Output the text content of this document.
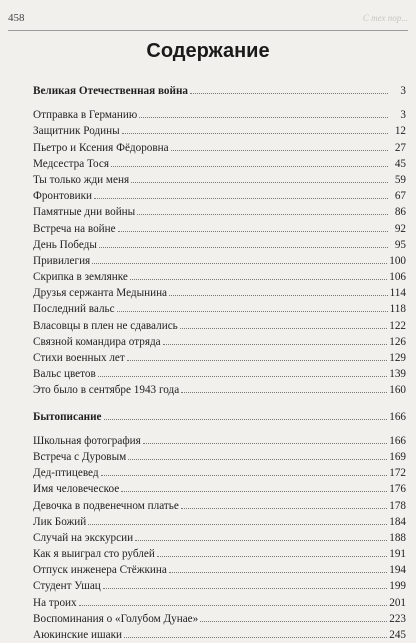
458	С тех пор...
Содержание
Великая Отечественная война	3
Отправка в Германию	3
Защитник Родины	12
Пьетро и Ксения Фёдоровна	27
Медсестра Тося	45
Ты только жди меня	59
Фронтовики	67
Памятные дни войны	86
Встреча на войне	92
День Победы	95
Привилегия	100
Скрипка в землянке	106
Друзья сержанта Медынина	114
Последний вальс	118
Власовцы в плен не сдавались	122
Связной командира отряда	126
Стихи военных лет	129
Вальс цветов	139
Это было в сентябре 1943 года	160
Бытописание	166
Школьная фотография	166
Встреча с Дуровым	169
Дед-птицевед	172
Имя человеческое	176
Девочка в подвенечном платье	178
Лик Божий	184
Случай на экскурсии	188
Как я выиграл сто рублей	191
Отпуск инженера Стёжкина	194
Студент Ушац	199
На троих	201
Воспоминания о «Голубом Дунае»	223
Аюкинские ишаки	245
